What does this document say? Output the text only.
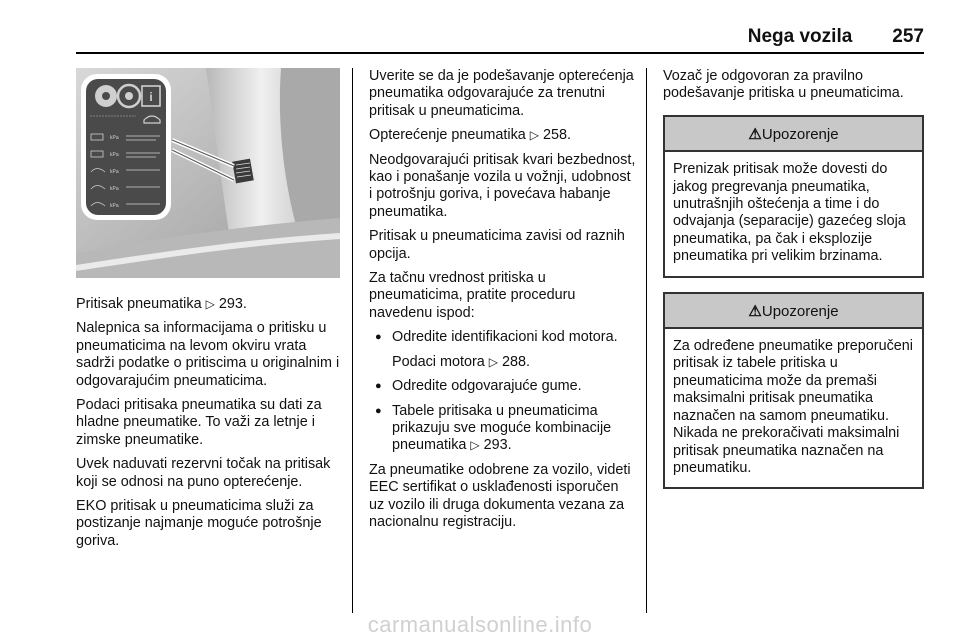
Nega vozila 257
i
kPa
kPa
kPa
kPa
kPa

Pritisak pneumatika ▷ 293.

Nalepnica sa informacijama o pritisku u pneumaticima na levom okviru vrata sadrži podatke o pritiscima u originalnim i odgovarajućim pneumaticima.

Podaci pritisaka pneumatika su dati za hladne pneumatike. To važi za letnje i zimske pneumatike.

Uvek naduvati rezervni točak na pritisak koji se odnosi na puno opterećenje.

EKO pritisak u pneumaticima služi za postizanje najmanje moguće potrošnje goriva.

Uverite se da je podešavanje opterećenja pneumatika odgovarajuće za trenutni pritisak u pneumaticima.

Opterećenje pneumatika ▷ 258.

Neodgovarajući pritisak kvari bezbednost, kao i ponašanje vozila u vožnji, udobnost i potrošnju goriva, i povećava habanje pneumatika.

Pritisak u pneumaticima zavisi od raznih opcija.

Za tačnu vrednost pritiska u pneumaticima, pratite proceduru navedenu ispod:

● Odredite identifikacioni kod motora.
Podaci motora ▷ 288.
● Odredite odgovarajuće gume.
● Tabele pritisaka u pneumaticima prikazuju sve moguće kombinacije pneumatika ▷ 293.

Za pneumatike odobrene za vozilo, videti EEC sertifikat o usklađenosti isporučen uz vozilo ili druga dokumenta vezana za nacionalnu registraciju.

Vozač je odgovoran za pravilno podešavanje pritiska u pneumaticima.

⚠Upozorenje
Prenizak pritisak može dovesti do jakog pregrevanja pneumatika, unutrašnjih oštećenja a time i do odvajanja (separacije) gazećeg sloja pneumatika, pa čak i eksplozije pneumatika pri velikim brzinama.
⚠Upozorenje
Za određene pneumatike preporučeni pritisak iz tabele pritiska u pneumaticima može da premaši maksimalni pritisak pneumatika naznačen na samom pneumatiku. Nikada ne prekoračivati maksimalni pritisak pneumatika naznačen na pneumatiku.
carmanualsonline.info
